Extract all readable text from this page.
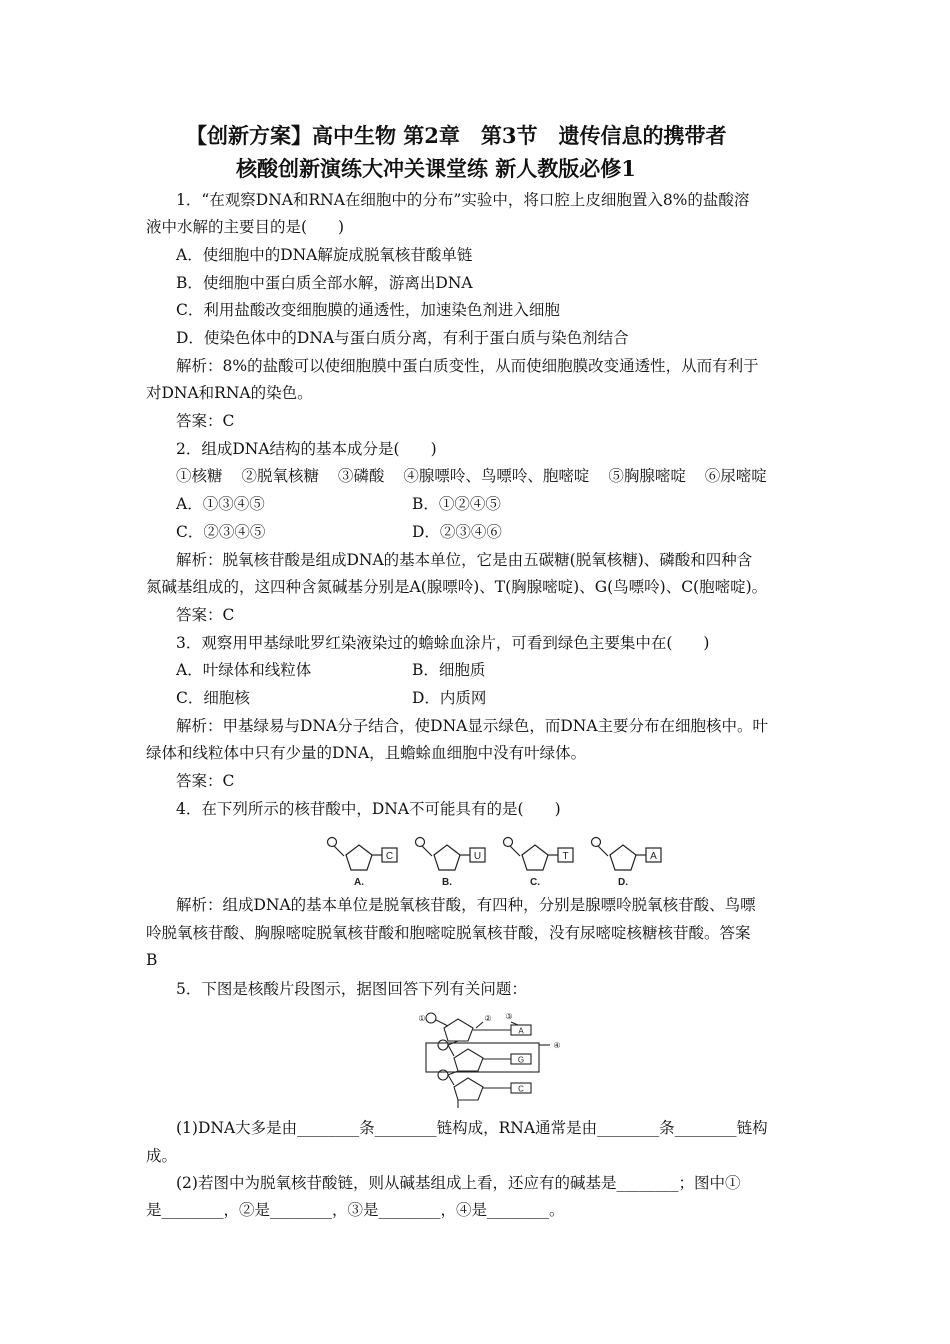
【创新方案】高中生物 第2章　第3节　遗传信息的携带者
核酸创新演练大冲关课堂练 新人教版必修1
1．“在观察DNA和RNA在细胞中的分布”实验中，将口腔上皮细胞置入8%的盐酸溶
液中水解的主要目的是(　　)
A．使细胞中的DNA解旋成脱氧核苷酸单链
B．使细胞中蛋白质全部水解，游离出DNA
C．利用盐酸改变细胞膜的通透性，加速染色剂进入细胞
D．使染色体中的DNA与蛋白质分离，有利于蛋白质与染色剂结合
解析：8%的盐酸可以使细胞膜中蛋白质变性，从而使细胞膜改变通透性，从而有利于
对DNA和RNA的染色。
答案：C
2．组成DNA结构的基本成分是(　　)
①核糖 ②脱氧核糖 ③磷酸 ④腺嘌呤、鸟嘌呤、胞嘧啶 ⑤胸腺嘧啶 ⑥尿嘧啶
A．①③④⑤	B．①②④⑤
C．②③④⑤	D．②③④⑥
解析：脱氧核苷酸是组成DNA的基本单位，它是由五碳糖(脱氧核糖)、磷酸和四种含
氮碱基组成的，这四种含氮碱基分别是A(腺嘌呤)、T(胸腺嘧啶)、G(鸟嘌呤)、C(胞嘧啶)。
答案：C
3．观察用甲基绿吡罗红染液染过的蟾蜍血涂片，可看到绿色主要集中在(　　)
A．叶绿体和线粒体	B．细胞质
C．细胞核	D．内质网
解析：甲基绿易与DNA分子结合，使DNA显示绿色，而DNA主要分布在细胞核中。叶
绿体和线粒体中只有少量的DNA，且蟾蜍血细胞中没有叶绿体。
答案：C
4．在下列所示的核苷酸中，DNA不可能具有的是(　　)
C	U	T	A
A.	B.	C.	D.
解析：组成DNA的基本单位是脱氧核苷酸，有四种，分别是腺嘌呤脱氧核苷酸、鸟嘌
呤脱氧核苷酸、胸腺嘧啶脱氧核苷酸和胞嘧啶脱氧核苷酸，没有尿嘧啶核糖核苷酸。答案
B
5．下图是核酸片段图示，据图回答下列有关问题：
①	② ③
④
A
G
C
(1)DNA大多是由________条________链构成，RNA通常是由________条________链构
成。
(2)若图中为脱氧核苷酸链，则从碱基组成上看，还应有的碱基是________；图中①
是________，②是________，③是________，④是________。
